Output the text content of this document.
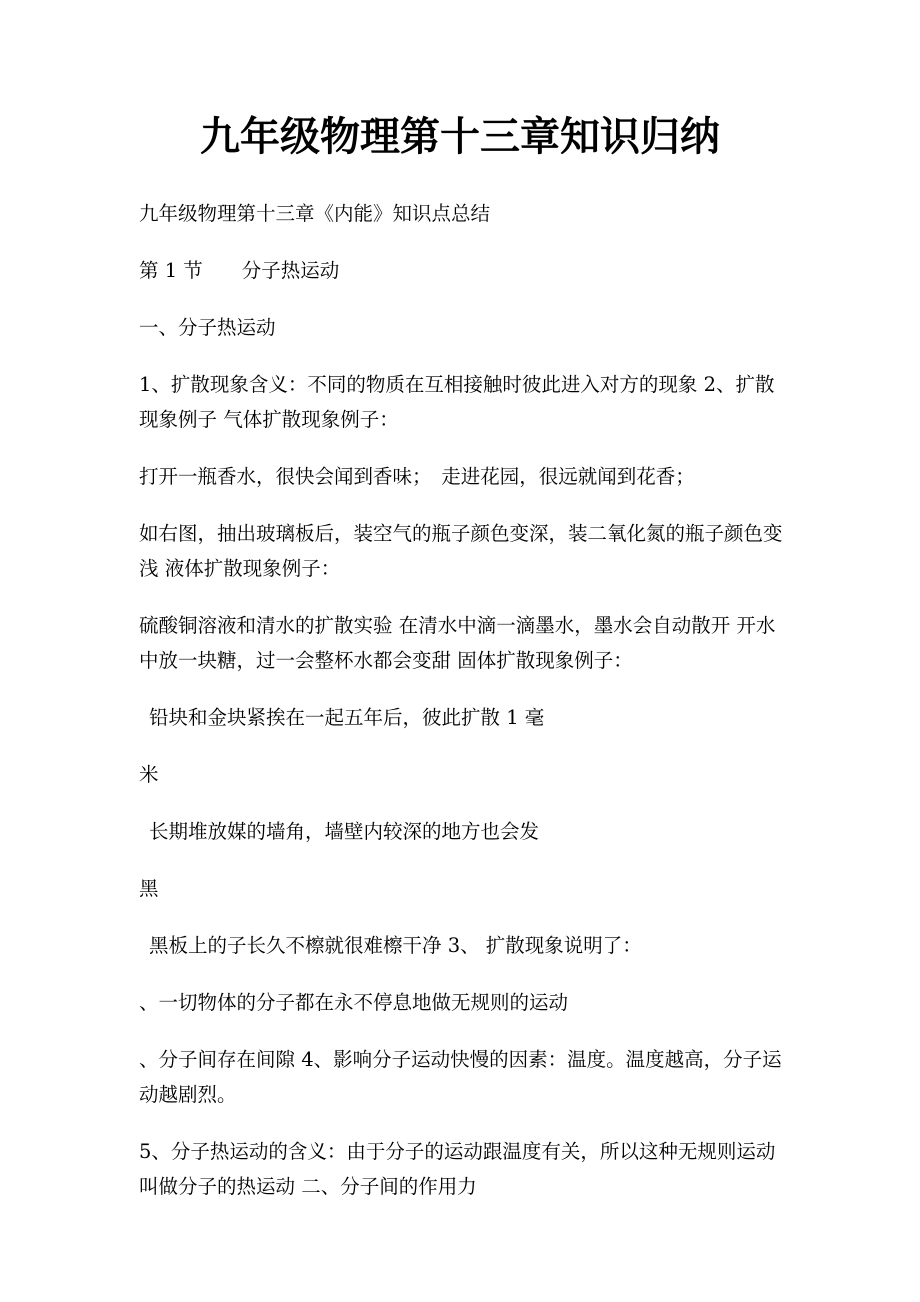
九年级物理第十三章知识归纳

九年级物理第十三章《内能》知识点总结

第 1 节　　分子热运动

一、分子热运动

1、扩散现象含义：不同的物质在互相接触时彼此进入对方的现象 2、扩散现象例子 气体扩散现象例子：

打开一瓶香水，很快会闻到香味；　走进花园，很远就闻到花香；

如右图，抽出玻璃板后，装空气的瓶子颜色变深，装二氧化氮的瓶子颜色变浅 液体扩散现象例子：

硫酸铜溶液和清水的扩散实验 在清水中滴一滴墨水，墨水会自动散开 开水中放一块糖，过一会整杯水都会变甜 固体扩散现象例子：

铅块和金块紧挨在一起五年后，彼此扩散 1 毫

米

长期堆放媒的墙角，墙壁内较深的地方也会发

黑

黑板上的子长久不檫就很难檫干净 3、 扩散现象说明了：

、一切物体的分子都在永不停息地做无规则的运动

、分子间存在间隙 4、影响分子运动快慢的因素：温度。温度越高，分子运动越剧烈。

5、分子热运动的含义：由于分子的运动跟温度有关，所以这种无规则运动叫做分子的热运动 二、分子间的作用力
